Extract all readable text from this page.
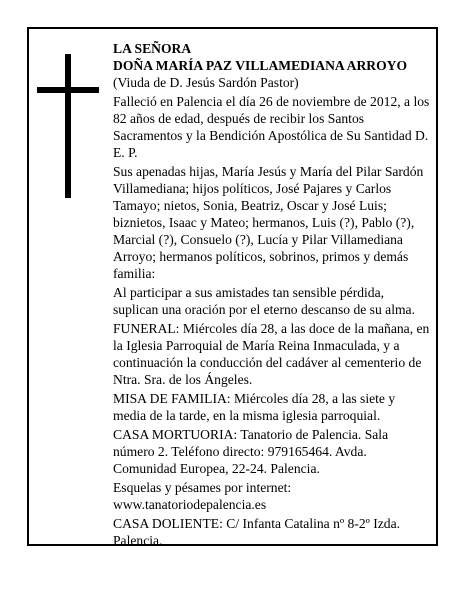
LA SEÑORA

DOÑA MARÍA PAZ VILLAMEDIANA ARROYO

(Viuda de D. Jesús Sardón Pastor)

Falleció en Palencia el día 26 de noviembre de 2012, a los 82 años de edad, después de recibir los Santos Sacramentos y la Bendición Apostólica de Su Santidad D. E. P.

Sus apenadas hijas, María Jesús y María del Pilar Sardón Villamediana; hijos políticos, José Pajares y Carlos Tamayo; nietos, Sonia, Beatriz, Oscar y José Luis; biznietos, Isaac y Mateo; hermanos, Luis (?), Pablo (?), Marcial (?), Consuelo (?), Lucía y Pilar Villamediana Arroyo; hermanos políticos, sobrinos, primos y demás familia:

Al participar a sus amistades tan sensible pérdida, suplican una oración por el eterno descanso de su alma.

FUNERAL: Miércoles día 28, a las doce de la mañana, en la Iglesia Parroquial de María Reina Inmaculada, y a continuación la conducción del cadáver al cementerio de Ntra. Sra. de los Ángeles.

MISA DE FAMILIA: Miércoles día 28, a las siete y media de la tarde, en la misma iglesia parroquial.

CASA MORTUORIA: Tanatorio de Palencia. Sala número 2. Teléfono directo: 979165464. Avda. Comunidad Europea, 22-24. Palencia.

Esquelas y pésames por internet: www.tanatoriodepalencia.es

CASA DOLIENTE: C/ Infanta Catalina nº 8-2º Izda. Palencia.
